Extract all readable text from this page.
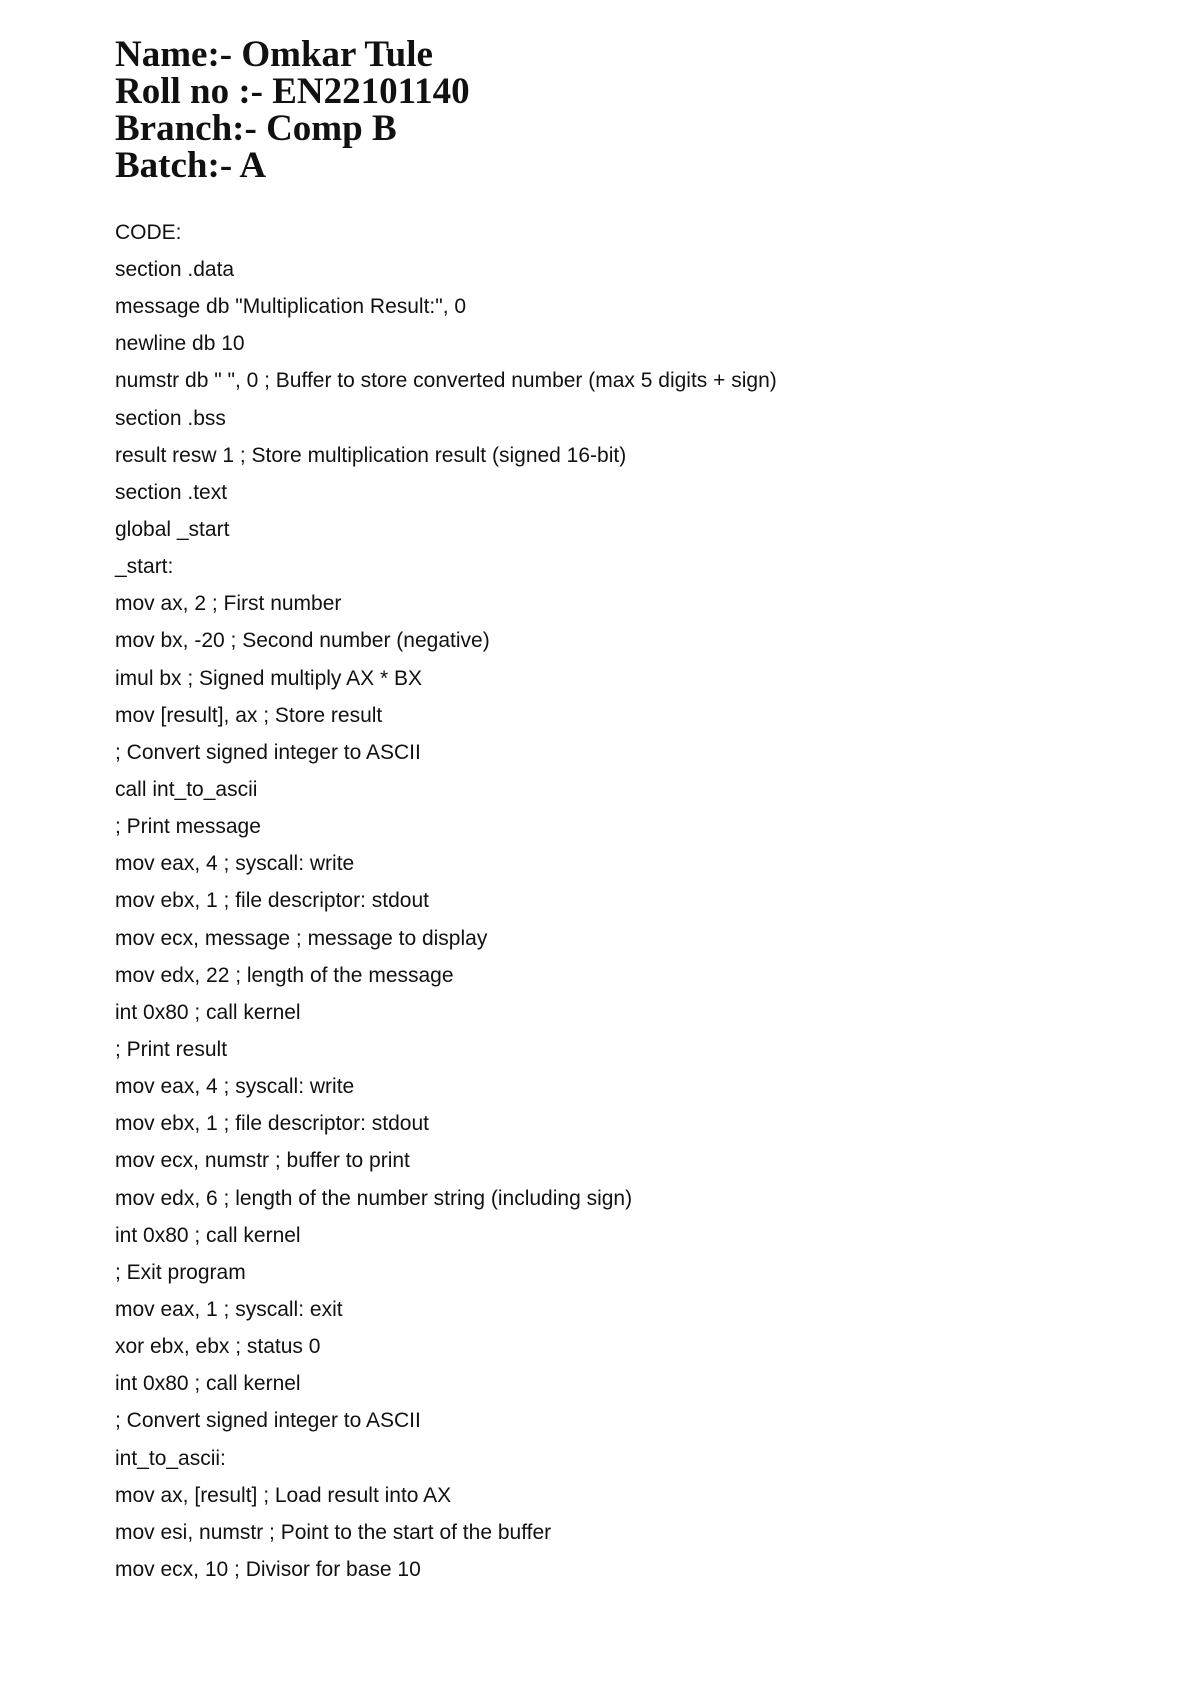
Name:- Omkar Tule
Roll no :- EN22101140
Branch:- Comp B
Batch:- A
CODE:
section .data
message db "Multiplication Result:", 0
newline db 10
numstr db " ", 0 ; Buffer to store converted number (max 5 digits + sign)
section .bss
result resw 1 ; Store multiplication result (signed 16-bit)
section .text
global _start
_start:
mov ax, 2 ; First number
mov bx, -20 ; Second number (negative)
imul bx ; Signed multiply AX * BX
mov [result], ax ; Store result
; Convert signed integer to ASCII
call int_to_ascii
; Print message
mov eax, 4 ; syscall: write
mov ebx, 1 ; file descriptor: stdout
mov ecx, message ; message to display
mov edx, 22 ; length of the message
int 0x80 ; call kernel
; Print result
mov eax, 4 ; syscall: write
mov ebx, 1 ; file descriptor: stdout
mov ecx, numstr ; buffer to print
mov edx, 6 ; length of the number string (including sign)
int 0x80 ; call kernel
; Exit program
mov eax, 1 ; syscall: exit
xor ebx, ebx ; status 0
int 0x80 ; call kernel
; Convert signed integer to ASCII
int_to_ascii:
mov ax, [result] ; Load result into AX
mov esi, numstr ; Point to the start of the buffer
mov ecx, 10 ; Divisor for base 10
